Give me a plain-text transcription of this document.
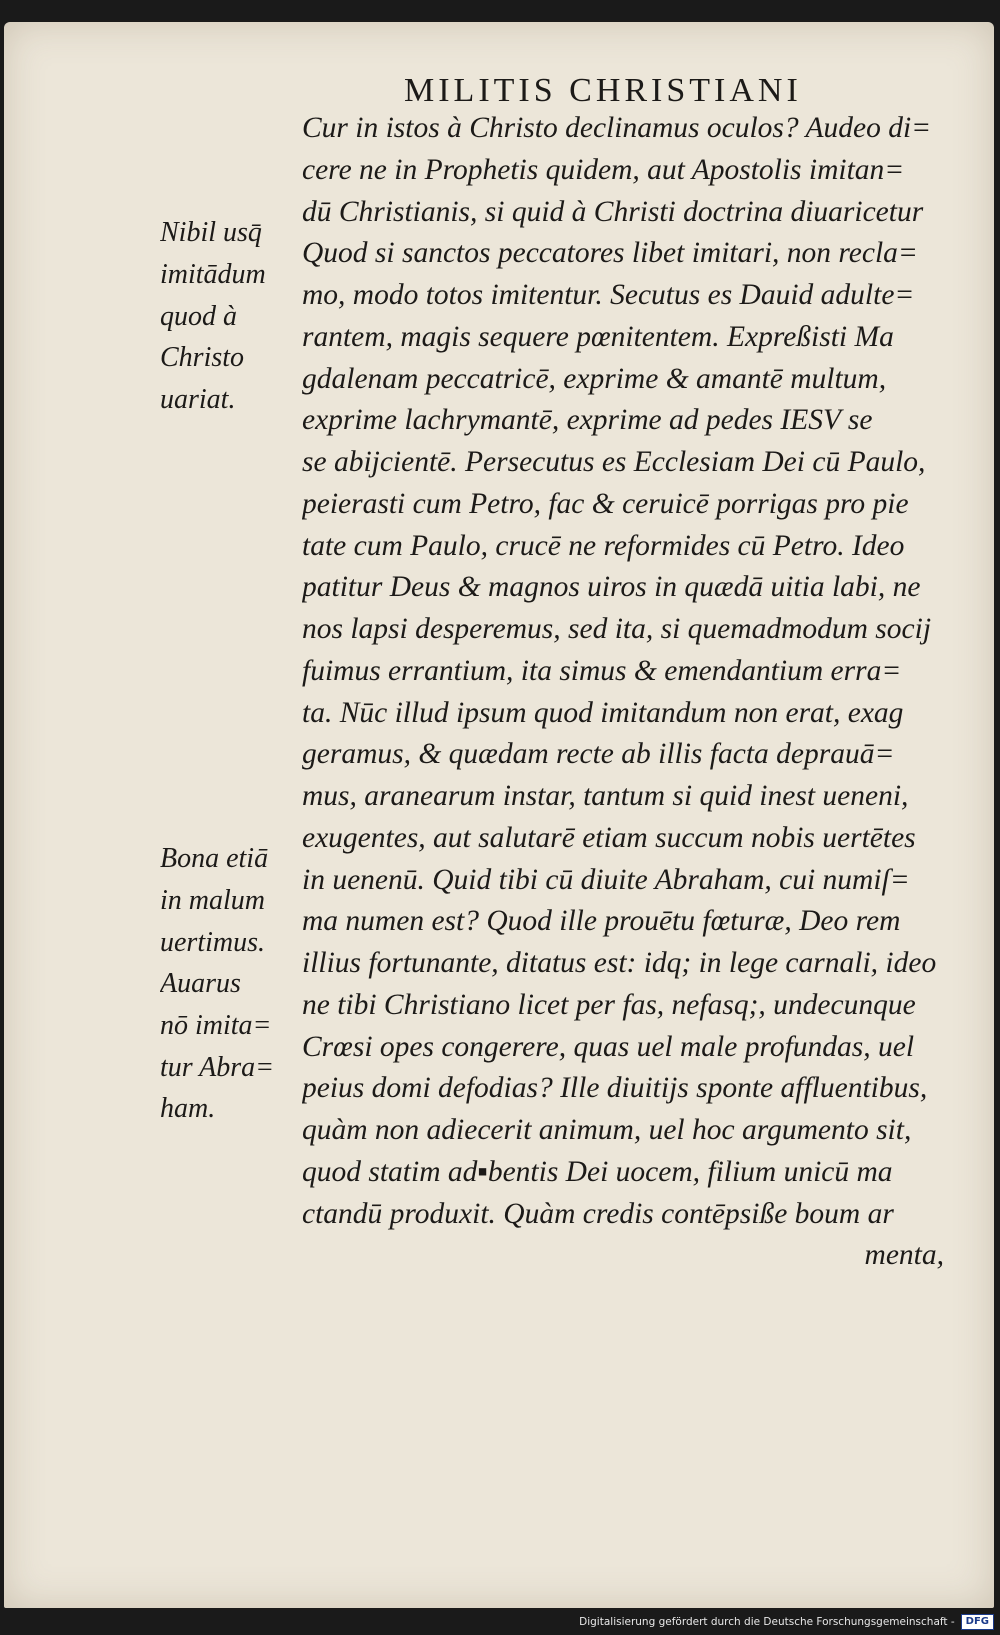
MILITIS CHRISTIANI
Cur in istos à Christo declinamus oculos? Audeo di=
cere ne in Prophetis quidem, aut Apostolis imitan=
dū Christianis, si quid à Christi doctrina diuaricetur
Quod si sanctos peccatores libet imitari, non recla=
mo, modo totos imitentur. Secutus es Dauid adulte=
rantem, magis sequere pœnitentem. Expreßisti Ma
gdalenam peccatricē, exprime & amantē multum,
exprime lachrymantē, exprime ad pedes IESV se
se abijcientē. Persecutus es Ecclesiam Dei cū Paulo,
peierasti cum Petro, fac & ceruicē porrigas pro pie
tate cum Paulo, crucē ne reformides cū Petro. Ideo
patitur Deus & magnos uiros in quædā uitia labi, ne
nos lapsi desperemus, sed ita, si quemadmodum socij
fuimus errantium, ita simus & emendantium erra=
ta. Nūc illud ipsum quod imitandum non erat, exag
geramus, & quædam recte ab illis facta deprauā=
mus, aranearum instar, tantum si quid inest ueneni,
exugentes, aut salutarē etiam succum nobis uertētes
in uenenū. Quid tibi cū diuite Abraham, cui numiſ=
ma numen est? Quod ille prouētu fœturæ, Deo rem
illius fortunante, ditatus est: idq; in lege carnali, ideo
ne tibi Christiano licet per fas, nefasq;, undecunque
Crœsi opes congerere, quas uel male profundas, uel
peius domi defodias? Ille diuitijs sponte affluentibus,
quàm non adiecerit animum, uel hoc argumento sit,
quod statim ad▪bentis Dei uocem, filium unicū ma
ctandū produxit. Quàm credis contēpsiße boum ar
menta,
Nibil usq̄
imitādum
quod à
Christo
uariat.
Bona etiā
in malum
uertimus.
Auarus
nō imita=
tur Abra=
ham.
Digitalisierung gefördert durch die Deutsche Forschungsgemeinschaft -	DFG
